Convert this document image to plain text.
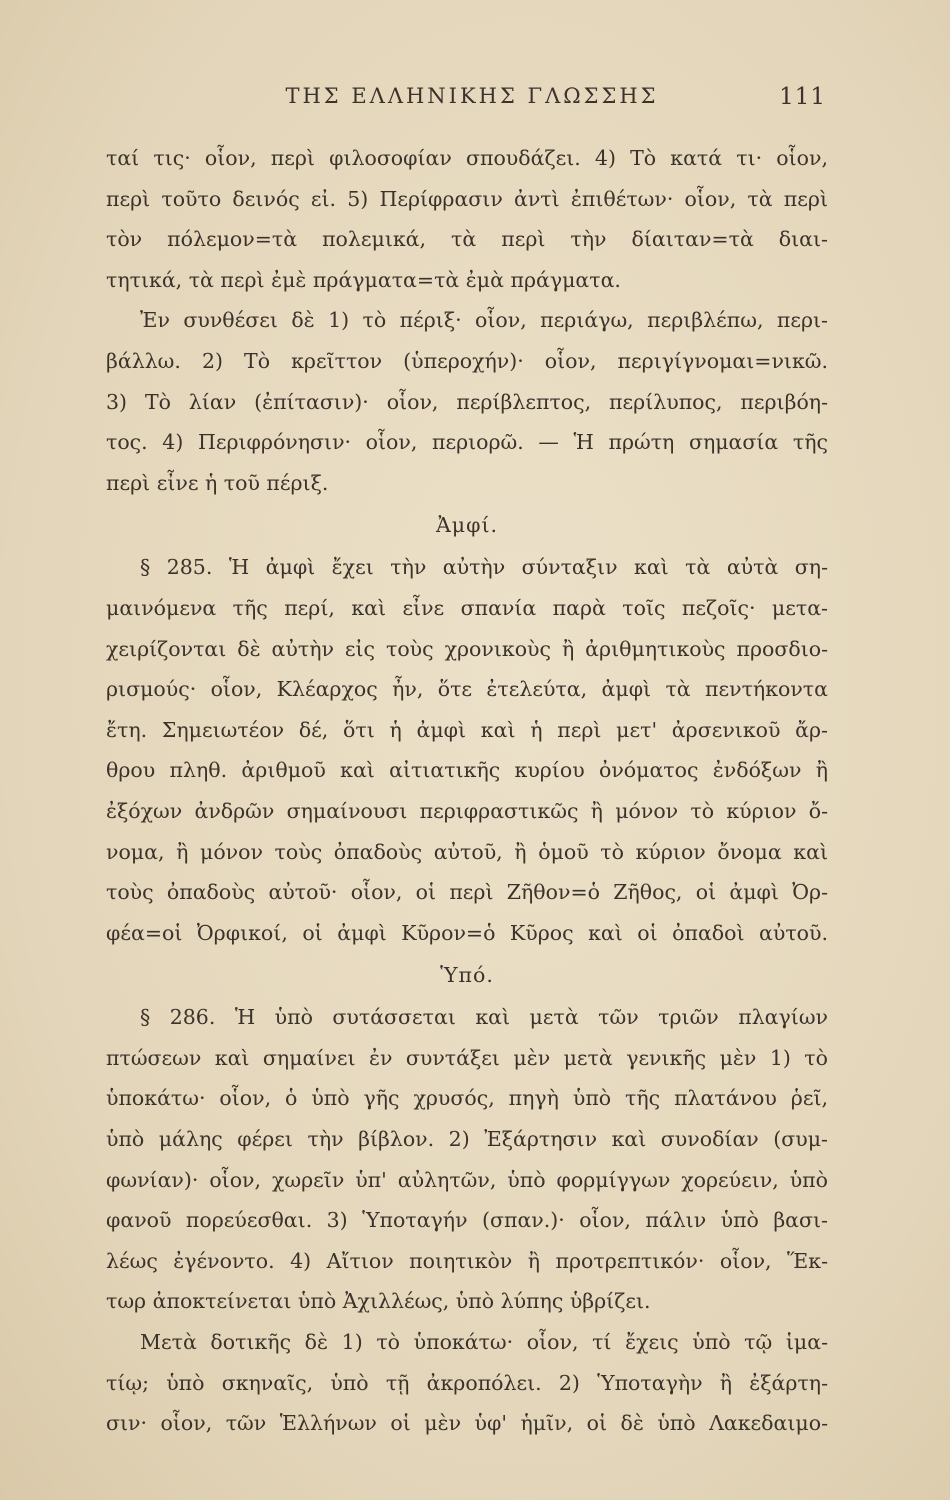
ΤΗΣ ΕΛΛΗΝΙΚΗΣ ΓΛΩΣΣΗΣ	111
ταί τις· οἷον, περὶ φιλοσοφίαν σπουδάζει. 4) Τὸ κατά τι· οἷον,
περὶ τοῦτο δεινός εἰ. 5) Περίφρασιν ἀντὶ ἐπιθέτων· οἷον, τὰ περὶ
τὸν πόλεμον=τὰ πολεμικά, τὰ περὶ τὴν δίαιταν=τὰ διαι-
τητικά, τὰ περὶ ἐμὲ πράγματα=τὰ ἐμὰ πράγματα.
Ἐν συνθέσει δὲ 1) τὸ πέριξ· οἷον, περιάγω, περιβλέπω, περι-
βάλλω. 2) Τὸ κρεῖττον (ὑπεροχήν)· οἷον, περιγίγνομαι=νικῶ.
3) Τὸ λίαν (ἐπίτασιν)· οἷον, περίβλεπτος, περίλυπος, περιβόη-
τος. 4) Περιφρόνησιν· οἷον, περιορῶ. — Ἡ πρώτη σημασία τῆς
περὶ εἶνε ἡ τοῦ πέριξ.
Ἀμφί.
§ 285. Ἡ ἀμφὶ ἔχει τὴν αὐτὴν σύνταξιν καὶ τὰ αὐτὰ ση-
μαινόμενα τῆς περί, καὶ εἶνε σπανία παρὰ τοῖς πεζοῖς· μετα-
χειρίζονται δὲ αὐτὴν εἰς τοὺς χρονικοὺς ἢ ἀριθμητικοὺς προσδιο-
ρισμούς· οἷον, Κλέαρχος ἦν, ὅτε ἐτελεύτα, ἀμφὶ τὰ πεντήκοντα
ἔτη. Σημειωτέον δέ, ὅτι ἡ ἀμφὶ καὶ ἡ περὶ μετ' ἀρσενικοῦ ἄρ-
θρου πληθ. ἀριθμοῦ καὶ αἰτιατικῆς κυρίου ὀνόματος ἐνδόξων ἢ
ἐξόχων ἀνδρῶν σημαίνουσι περιφραστικῶς ἢ μόνον τὸ κύριον ὄ-
νομα, ἢ μόνον τοὺς ὀπαδοὺς αὐτοῦ, ἢ ὁμοῦ τὸ κύριον ὄνομα καὶ
τοὺς ὀπαδοὺς αὐτοῦ· οἷον, οἱ περὶ Ζῆθον=ὁ Ζῆθος, οἱ ἀμφὶ Ὀρ-
φέα=οἱ Ὀρφικοί, οἱ ἀμφὶ Κῦρον=ὁ Κῦρος καὶ οἱ ὀπαδοὶ αὐτοῦ.
Ὑπό.
§ 286. Ἡ ὑπὸ συτάσσεται καὶ μετὰ τῶν τριῶν πλαγίων
πτώσεων καὶ σημαίνει ἐν συντάξει μὲν μετὰ γενικῆς μὲν 1) τὸ
ὑποκάτω· οἷον, ὁ ὑπὸ γῆς χρυσός, πηγὴ ὑπὸ τῆς πλατάνου ῥεῖ,
ὑπὸ μάλης φέρει τὴν βίβλον. 2) Ἐξάρτησιν καὶ συνοδίαν (συμ-
φωνίαν)· οἷον, χωρεῖν ὑπ' αὐλητῶν, ὑπὸ φορμίγγων χορεύειν, ὑπὸ
φανοῦ πορεύεσθαι. 3) Ὑποταγήν (σπαν.)· οἷον, πάλιν ὑπὸ βασι-
λέως ἐγένοντο. 4) Αἴτιον ποιητικὸν ἢ προτρεπτικόν· οἷον, Ἕκ-
τωρ ἀποκτείνεται ὑπὸ Ἀχιλλέως, ὑπὸ λύπης ὑβρίζει.
Μετὰ δοτικῆς δὲ 1) τὸ ὑποκάτω· οἷον, τί ἔχεις ὑπὸ τῷ ἱμα-
τίῳ; ὑπὸ σκηναῖς, ὑπὸ τῇ ἀκροπόλει. 2) Ὑποταγὴν ἢ ἐξάρτη-
σιν· οἷον, τῶν Ἑλλήνων οἱ μὲν ὑφ' ἡμῖν, οἱ δὲ ὑπὸ Λακεδαιμο-
